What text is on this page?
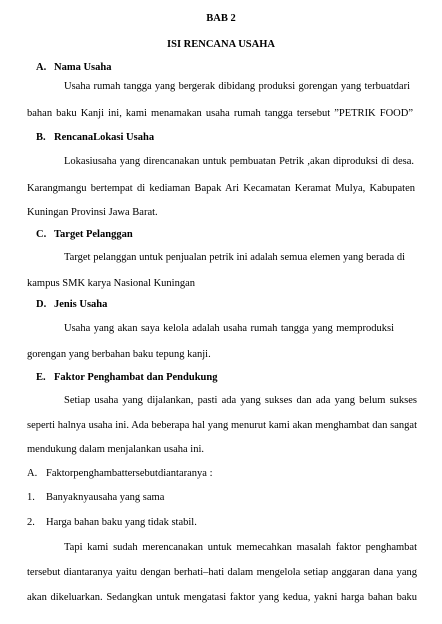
BAB 2
ISI RENCANA USAHA
A. Nama Usaha
Usaha rumah tangga yang bergerak dibidang produksi gorengan yang terbuatdari
bahan baku Kanji ini, kami menamakan usaha rumah tangga tersebut ”PETRIK FOOD”
B. RencanaLokasi Usaha
Lokasiusaha yang direncanakan untuk pembuatan Petrik ,akan diproduksi di desa.
Karangmangu bertempat di kediaman Bapak Ari Kecamatan Keramat Mulya, Kabupaten
Kuningan Provinsi Jawa Barat.
C. Target Pelanggan
Target pelanggan untuk penjualan petrik ini adalah semua elemen yang berada di
kampus SMK karya Nasional Kuningan
D. Jenis Usaha
Usaha yang akan saya kelola adalah usaha rumah tangga yang memproduksi
gorengan yang berbahan baku tepung kanji.
E. Faktor Penghambat dan Pendukung
Setiap usaha yang dijalankan, pasti ada yang sukses dan ada yang belum sukses
seperti halnya usaha ini. Ada beberapa hal yang menurut kami akan menghambat dan sangat
mendukung dalam menjalankan usaha ini.
A. Faktorpenghambattersebutdiantaranya :
1. Banyaknyausaha yang sama
2. Harga bahan baku yang tidak stabil.
Tapi kami sudah merencanakan untuk memecahkan masalah faktor penghambat
tersebut diantaranya yaitu dengan berhati–hati dalam mengelola setiap anggaran dana yang
akan dikeluarkan. Sedangkan untuk mengatasi faktor yang kedua, yakni harga bahan baku
